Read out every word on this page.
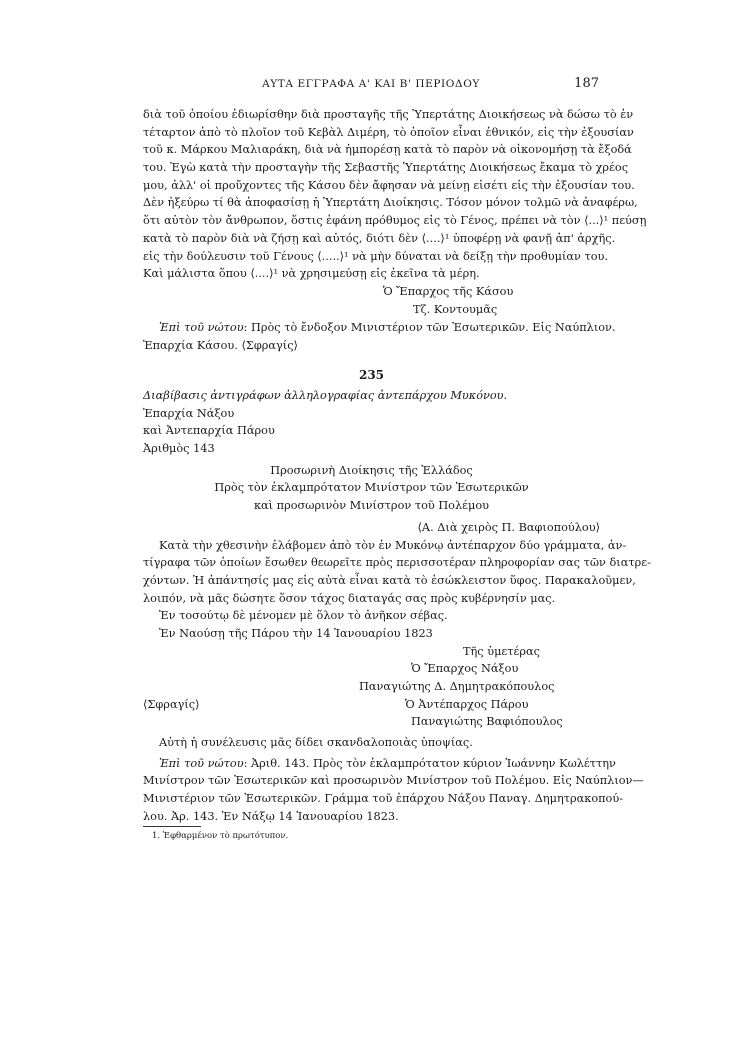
ΑΥΤΑ ΕΓΓΡΑΦΑ Α' ΚΑΙ Β' ΠΕΡΙΟΔΟΥ	187
διὰ τοῦ ὁποίου ἐδιωρίσθην διὰ προσταγῆς τῆς Ὑπερτάτης Διοικήσεως νὰ δώσω τὸ ἐν
τέταρτον ἀπὸ τὸ πλοῖον τοῦ Κεβὰλ Διμέρη, τὸ ὁποῖον εἶναι ἐθνικόν, εἰς τὴν ἐξουσίαν
τοῦ κ. Μάρκου Μαλιαράκη, διὰ νὰ ἠμπορέσῃ κατὰ τὸ παρὸν νὰ οἰκονομήσῃ τὰ ἔξοδά
του. Ἐγὼ κατὰ τὴν προσταγὴν τῆς Σεβαστῆς Ὑπερτάτης Διοικήσεως ἔκαμα τὸ χρέος
μου, ἀλλ' οἱ προὔχοντες τῆς Κάσου δὲν ἄφησαν νὰ μείνῃ εἰσέτι εἰς τὴν ἐξουσίαν του.
Δὲν ἠξεύρω τί θὰ ἀποφασίσῃ ἡ Ὑπερτάτη Διοίκησις. Τόσον μόνον τολμῶ νὰ ἀναφέρω,
ὅτι αὐτὸν τὸν ἄνθρωπον, ὅστις ἐφάνη πρόθυμος εἰς τὸ Γένος, πρέπει νὰ τὸν ⟨...⟩¹ πεύσῃ
κατὰ τὸ παρὸν διὰ νὰ ζήσῃ καὶ αὐτός, διότι δὲν ⟨....⟩¹ ὑποφέρῃ νὰ φανῇ ἀπ' ἀρχῆς.
εἰς τὴν δούλευσιν τοῦ Γένους ⟨.....⟩¹ νὰ μὴν δύναται νὰ δείξῃ τὴν προθυμίαν του.
Καὶ μάλιστα ὅπου ⟨....⟩¹ νὰ χρησιμεύσῃ εἰς ἐκεῖνα τὰ μέρη.
Ὁ Ἔπαρχος τῆς Κάσου
Τζ. Κοντουμᾶς
Ἐπὶ τοῦ νώτου: Πρὸς τὸ ἔνδοξον Μινιστέριον τῶν Ἐσωτερικῶν. Εἰς Ναύπλιον.
Ἐπαρχία Κάσου. ⟨Σφραγίς⟩
235
Διαβίβασις ἀντιγράφων ἀλληλογραφίας ἀντεπάρχου Μυκόνου.
Ἐπαρχία Νάξου
καὶ Ἀντεπαρχία Πάρου
Ἀριθμὸς 143
Προσωρινὴ Διοίκησις τῆς Ἑλλάδος
Πρὸς τὸν ἐκλαμπρότατον Μινίστρον τῶν Ἐσωτερικῶν
καὶ προσωρινὸν Μινίστρον τοῦ Πολέμου
⟨Α. Διὰ χειρὸς Π. Βαφιοπούλου⟩
Κατὰ τὴν χθεσινὴν ἐλάβομεν ἀπὸ τὸν ἐν Μυκόνῳ ἀντέπαρχον δύο γράμματα, ἀν-
τίγραφα τῶν ὁποίων ἔσωθεν θεωρεῖτε πρὸς περισσοτέραν πληροφορίαν σας τῶν διατρε-
χόντων. Ἡ ἀπάντησίς μας εἰς αὐτὰ εἶναι κατὰ τὸ ἐσώκλειστον ὕφος. Παρακαλοῦμεν,
λοιπόν, νὰ μᾶς δώσητε ὅσον τάχος διαταγάς σας πρὸς κυβέρνησίν μας.
Ἐν τοσούτῳ δὲ μένομεν μὲ ὅλον τὸ ἀνῆκον σέβας.
Ἐν Ναούσῃ τῆς Πάρου τὴν 14 Ἰανουαρίου 1823
Τῆς ὑμετέρας
Ὁ Ἔπαρχος Νάξου
Παναγιώτης Δ. Δημητρακόπουλος
⟨Σφραγίς⟩	Ὁ Ἀντέπαρχος Πάρου
Παναγιώτης Βαφιόπουλος
Αὐτὴ ἡ συνέλευσις μᾶς δίδει σκανδαλοποιὰς ὑποψίας.
Ἐπὶ τοῦ νώτου: Ἀριθ. 143. Πρὸς τὸν ἐκλαμπρότατον κύριον Ἰωάννην Κωλέττην
Μινίστρον τῶν Ἐσωτερικῶν καὶ προσωρινὸν Μινίστρον τοῦ Πολέμου. Εἰς Ναύπλιον—
Μινιστέριον τῶν Ἐσωτερικῶν. Γράμμα τοῦ ἐπάρχου Νάξου Παναγ. Δημητρακοπού-
λου. Ἀρ. 143. Ἐν Νάξῳ 14 Ἰανουαρίου 1823.
1. Ἐφθαρμένον τὸ πρωτότυπον.
